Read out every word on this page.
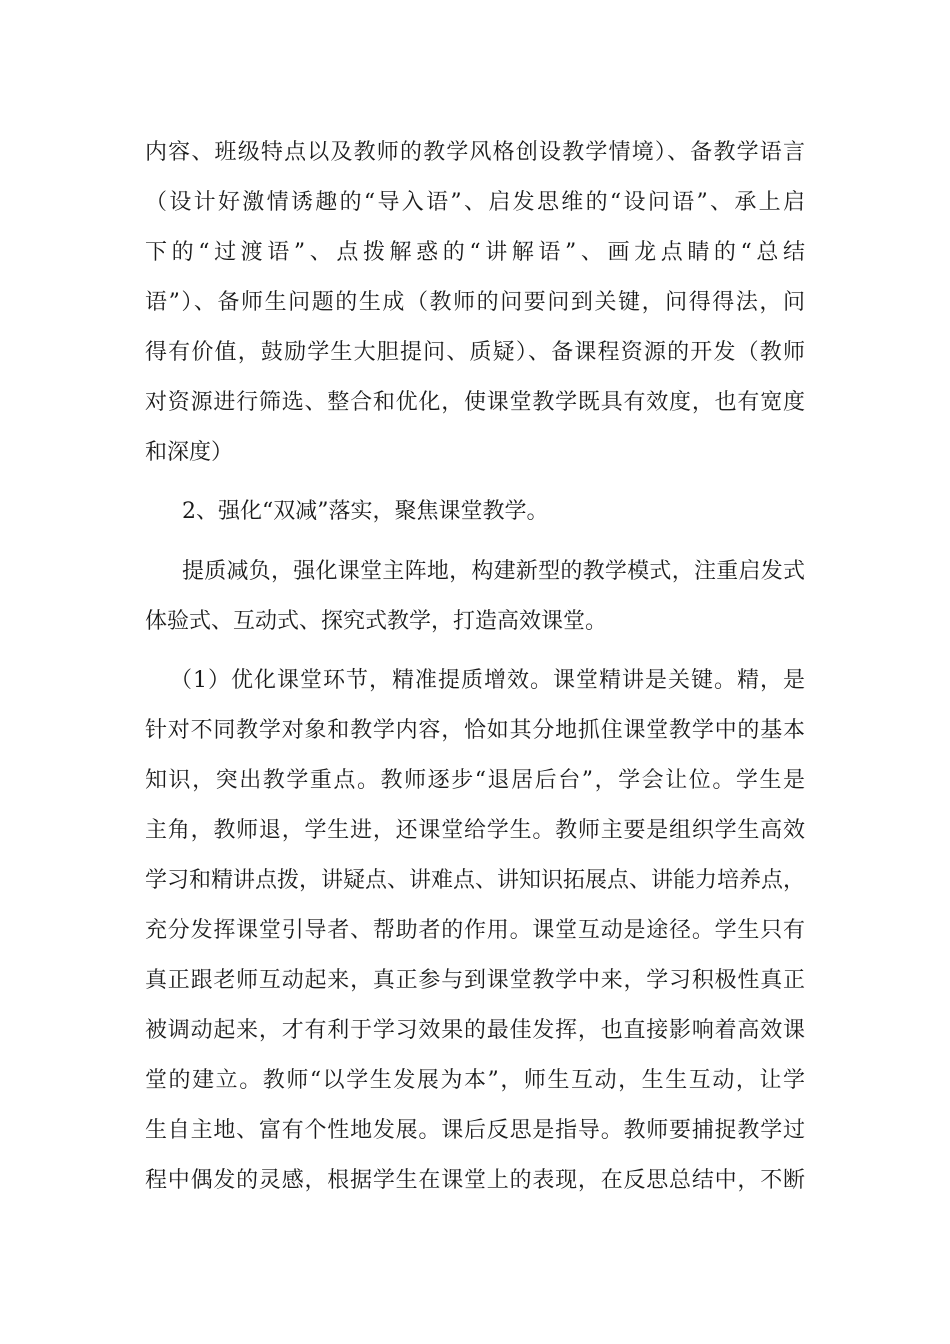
内容、班级特点以及教师的教学风格创设教学情境）、备教学语言
（设计好激情诱趣的“导入语”、启发思维的“设问语”、承上启
下的“过渡语”、点拨解惑的“讲解语”、画龙点睛的“总结
语”）、备师生问题的生成（教师的问要问到关键，问得得法，问
得有价值，鼓励学生大胆提问、质疑）、备课程资源的开发（教师
对资源进行筛选、整合和优化，使课堂教学既具有效度，也有宽度
和深度）
2、强化“双减”落实，聚焦课堂教学。
提质减负，强化课堂主阵地，构建新型的教学模式，注重启发式
体验式、互动式、探究式教学，打造高效课堂。
（1）优化课堂环节，精准提质增效。课堂精讲是关键。精，是
针对不同教学对象和教学内容，恰如其分地抓住课堂教学中的基本
知识，突出教学重点。教师逐步“退居后台”，学会让位。学生是
主角，教师退，学生进，还课堂给学生。教师主要是组织学生高效
学习和精讲点拨，讲疑点、讲难点、讲知识拓展点、讲能力培养点，
充分发挥课堂引导者、帮助者的作用。课堂互动是途径。学生只有
真正跟老师互动起来，真正参与到课堂教学中来，学习积极性真正
被调动起来，才有利于学习效果的最佳发挥，也直接影响着高效课
堂的建立。教师“以学生发展为本”，师生互动，生生互动，让学
生自主地、富有个性地发展。课后反思是指导。教师要捕捉教学过
程中偶发的灵感，根据学生在课堂上的表现，在反思总结中，不断
